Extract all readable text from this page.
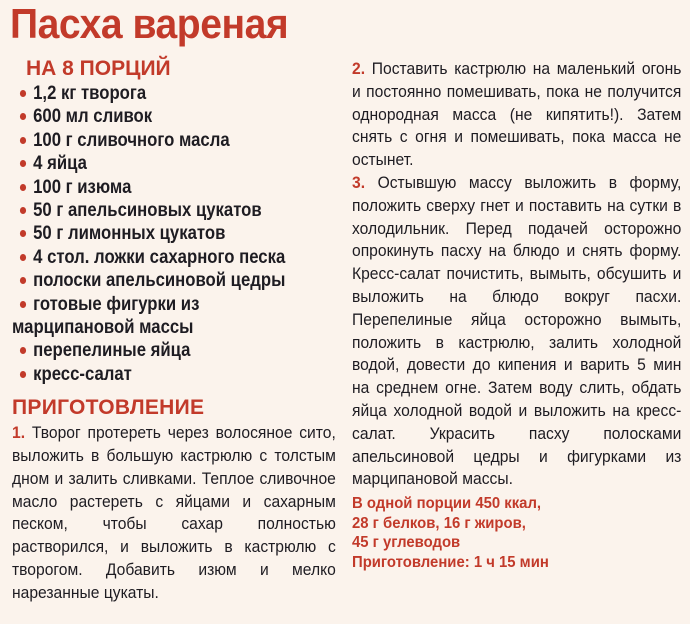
Пасха вареная
НА 8 ПОРЦИЙ
1,2 кг творога
600 мл сливок
100 г сливочного масла
4 яйца
100 г изюма
50 г апельсиновых цукатов
50 г лимонных цукатов
4 стол. ложки сахарного песка
полоски апельсиновой цедры
готовые фигурки из
марципановой массы
перепелиные яйца
кресс-салат
ПРИГОТОВЛЕНИЕ

1. Творог протереть через волосяное сито, выложить в большую кастрюлю с толстым дном и залить сливками. Теплое сливочное масло растереть с яйцами и сахарным песком, чтобы сахар полностью растворился, и выложить в кастрюлю с творогом. Добавить изюм и мелко нарезанные цукаты.

2. Поставить кастрюлю на маленький огонь и постоянно помешивать, пока не получится однородная масса (не кипятить!). Затем снять с огня и помешивать, пока масса не остынет.

3. Остывшую массу выложить в форму, положить сверху гнет и поставить на сутки в холодильник. Перед подачей осторожно опрокинуть пасху на блюдо и снять форму. Кресс-салат почистить, вымыть, обсушить и выложить на блюдо вокруг пасхи. Перепелиные яйца осторожно вымыть, положить в кастрюлю, залить холодной водой, довести до кипения и варить 5 мин на среднем огне. Затем воду слить, обдать яйца холодной водой и выложить на кресс-салат. Украсить пасху полосками апельсиновой цедры и фигурками из марципановой массы.

В одной порции 450 ккал,
28 г белков, 16 г жиров,
45 г углеводов
Приготовление: 1 ч 15 мин
